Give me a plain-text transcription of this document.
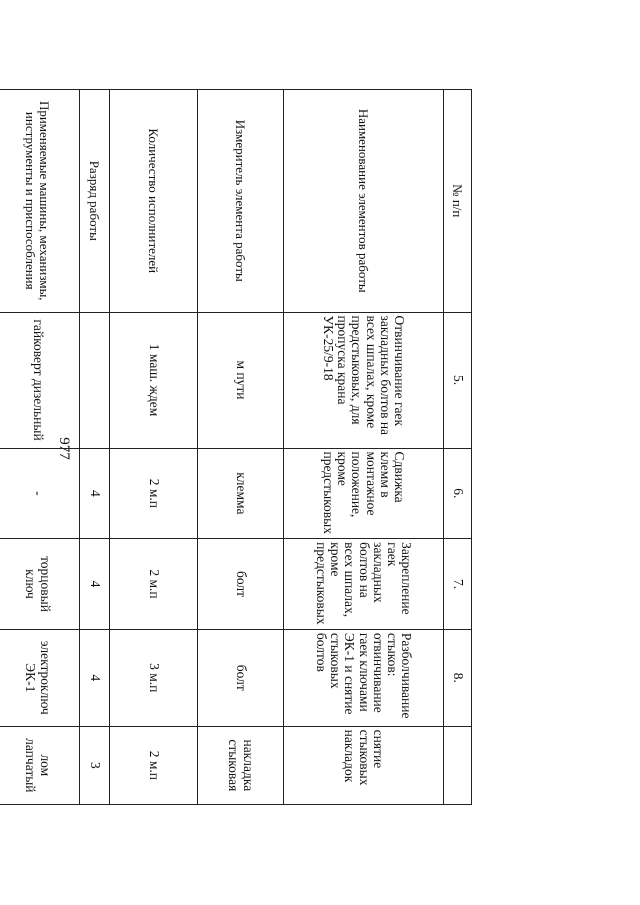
977
№ п/п	5.	6.	7.	8.	
Наименование элементов работы	Отвинчивание гаек закладных болтов на всех шпалах, кроме предстыковых, для пропуска крана УК-25/9-18	Сдвижка клемм в монтажное положение, кроме предстыковых	Закрепление гаек закладных болтов на всех шпалах, кроме предстыковых	Разболчивание стыков: отвинчивание гаек ключами ЭК-1 и снятие стыковых болтов	снятие стыковых накладок
Измеритель элемента работы	м пути	клемма	болт	болт	накладка стыковая
Количество исполнителей	1 маш. ждем	2 м.п	2 м.п	3 м.п	2 м.п
Разряд работы		4	4	4	3
Применяемые машины, механизмы, инструменты и приспособления	гайковерт дизельный	-	торцовый ключ	электроключ ЭК-1	лом лапчатый
